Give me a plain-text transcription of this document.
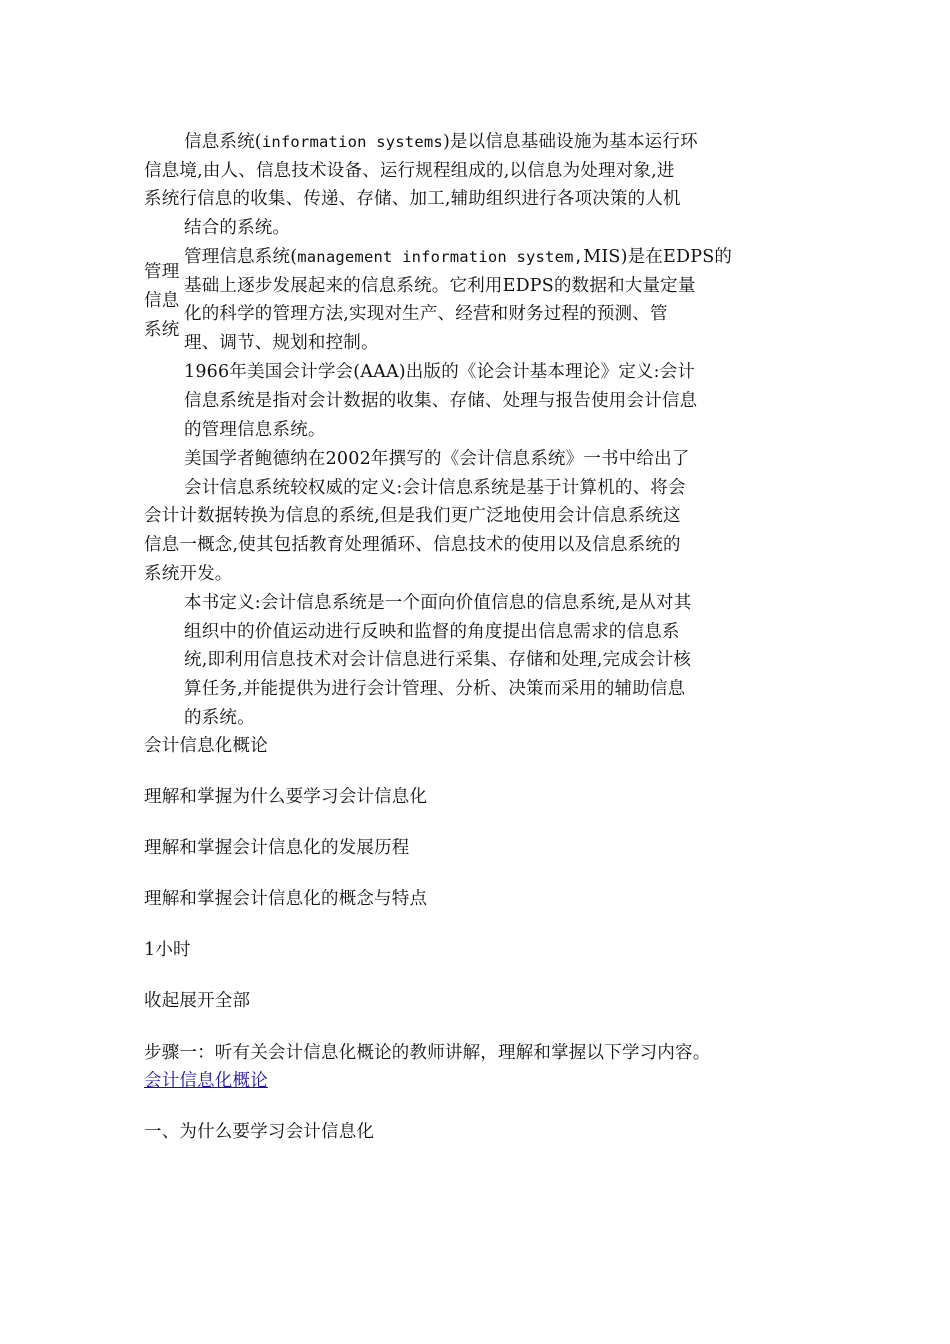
信息系统(information systems)是以信息基础设施为基本运行环
信息境,由人、信息技术设备、运行规程组成的,以信息为处理对象,进
系统行信息的收集、传递、存储、加工,辅助组织进行各项决策的人机
结合的系统。
管理
信息
系统
管理信息系统(management information system,MIS)是在EDPS的
基础上逐步发展起来的信息系统。它利用EDPS的数据和大量定量
化的科学的管理方法,实现对生产、经营和财务过程的预测、管
理、调节、规划和控制。
1966年美国会计学会(AAA)出版的《论会计基本理论》定义:会计
信息系统是指对会计数据的收集、存储、处理与报告使用会计信息
的管理信息系统。
美国学者鲍德纳在2002年撰写的《会计信息系统》一书中给出了
会计信息系统较权威的定义:会计信息系统是基于计算机的、将会
会计计数据转换为信息的系统,但是我们更广泛地使用会计信息系统这
信息一概念,使其包括教育处理循环、信息技术的使用以及信息系统的
系统开发。
本书定义:会计信息系统是一个面向价值信息的信息系统,是从对其
组织中的价值运动进行反映和监督的角度提出信息需求的信息系
统,即利用信息技术对会计信息进行采集、存储和处理,完成会计核
算任务,并能提供为进行会计管理、分析、决策而采用的辅助信息
的系统。
会计信息化概论
理解和掌握为什么要学习会计信息化
理解和掌握会计信息化的发展历程
理解和掌握会计信息化的概念与特点
1小时
收起展开全部
步骤一：听有关会计信息化概论的教师讲解，理解和掌握以下学习内容。
会计信息化概论
一、为什么要学习会计信息化
